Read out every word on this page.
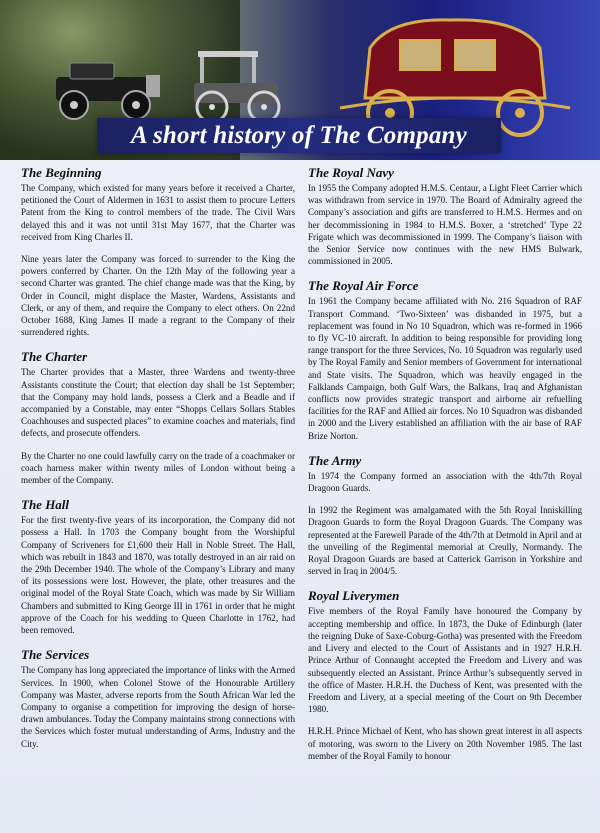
A short history of The Company
The Beginning

The Company, which existed for many years before it received a Charter, petitioned the Court of Aldermen in 1631 to assist them to procure Letters Patent from the King to control members of the trade. The Civil Wars delayed this and it was not until 31st May 1677, that the Charter was received from King Charles II.

Nine years later the Company was forced to surrender to the King the powers conferred by Charter. On the 12th May of the following year a second Charter was granted. The chief change made was that the King, by Order in Council, might displace the Master, Wardens, Assistants and Clerk, or any of them, and require the Company to elect others. On 22nd October 1688, King James II made a regrant to the Company of their surrendered rights.

The Charter

The Charter provides that a Master, three Wardens and twenty-three Assistants constitute the Court; that election day shall be 1st September; that the Company may hold lands, possess a Clerk and a Beadle and if accompanied by a Constable, may enter “Shopps Cellars Sollars Stables Coachhouses and suspected places” to examine coaches and materials, find defects, and prosecute offenders.

By the Charter no one could lawfully carry on the trade of a coachmaker or coach harness maker within twenty miles of London without being a member of the Company.

The Hall

For the first twenty-five years of its incorporation, the Company did not possess a Hall. In 1703 the Company bought from the Worshipful Company of Scriveners for £1,600 their Hall in Noble Street. The Hall, which was rebuilt in 1843 and 1870, was totally destroyed in an air raid on the 29th December 1940. The whole of the Company’s Library and many of its possessions were lost. However, the plate, other treasures and the original model of the Royal State Coach, which was made by Sir William Chambers and submitted to King George III in 1761 in order that he might approve of the Coach for his wedding to Queen Charlotte in 1762, had been removed.

The Services

The Company has long appreciated the importance of links with the Armed Services. In 1900, when Colonel Stowe of the Honourable Artillery Company was Master, adverse reports from the South African War led the Company to organise a competition for improving the design of horse-drawn ambulances. Today the Company maintains strong connections with the Services which foster mutual understanding of Arms, Industry and the City.

The Royal Navy

In 1955 the Company adopted H.M.S. Centaur, a Light Fleet Carrier which was withdrawn from service in 1970. The Board of Admiralty agreed the Company’s association and gifts are transferred to H.M.S. Hermes and on her decommissioning in 1984 to H.M.S. Boxer, a ‘stretched’ Type 22 Frigate which was decommissioned in 1999. The Company’s liaison with the Senior Service now continues with the new HMS Bulwark, commissioned in 2005.

The Royal Air Force

In 1961 the Company became affiliated with No. 216 Squadron of RAF Transport Command. ‘Two-Sixteen’ was disbanded in 1975, but a replacement was found in No 10 Squadron, which was re-formed in 1966 to fly VC-10 aircraft. In addition to being responsible for providing long range transport for the three Services, No. 10 Squadron was regularly used by The Royal Family and Senior members of Government for international and State visits. The Squadron, which was heavily engaged in the Falklands Campaign, both Gulf Wars, the Balkans, Iraq and Afghanistan conflicts now provides strategic transport and airborne air refuelling facilities for the RAF and Allied air forces. No 10 Squadron was disbanded in 2000 and the Livery established an affiliation with the air base of RAF Brize Norton.

The Army

In 1974 the Company formed an association with the 4th/7th Royal Dragoon Guards.

In 1992 the Regiment was amalgamated with the 5th Royal Inniskilling Dragoon Guards to form the Royal Dragoon Guards. The Company was represented at the Farewell Parade of the 4th/7th at Detmold in April and at the unveiling of the Regimental memorial at Creully, Normandy. The Royal Dragoon Guards are based at Catterick Garrison in Yorkshire and served in Iraq in 2004/5.

Royal Liverymen

Five members of the Royal Family have honoured the Company by accepting membership and office. In 1873, the Duke of Edinburgh (later the reigning Duke of Saxe-Coburg-Gotha) was presented with the Freedom and Livery and elected to the Court of Assistants and in 1927 H.R.H. Prince Arthur of Connaught accepted the Freedom and Livery and was subsequently elected an Assistant. Prince Arthur’s subsequently served in the office of Master. H.R.H. the Duchess of Kent, was presented with the Freedom and Livery, at a special meeting of the Court on 9th December 1980.

H.R.H. Prince Michael of Kent, who has shown great interest in all aspects of motoring, was sworn to the Livery on 20th November 1985. The last member of the Royal Family to honour
